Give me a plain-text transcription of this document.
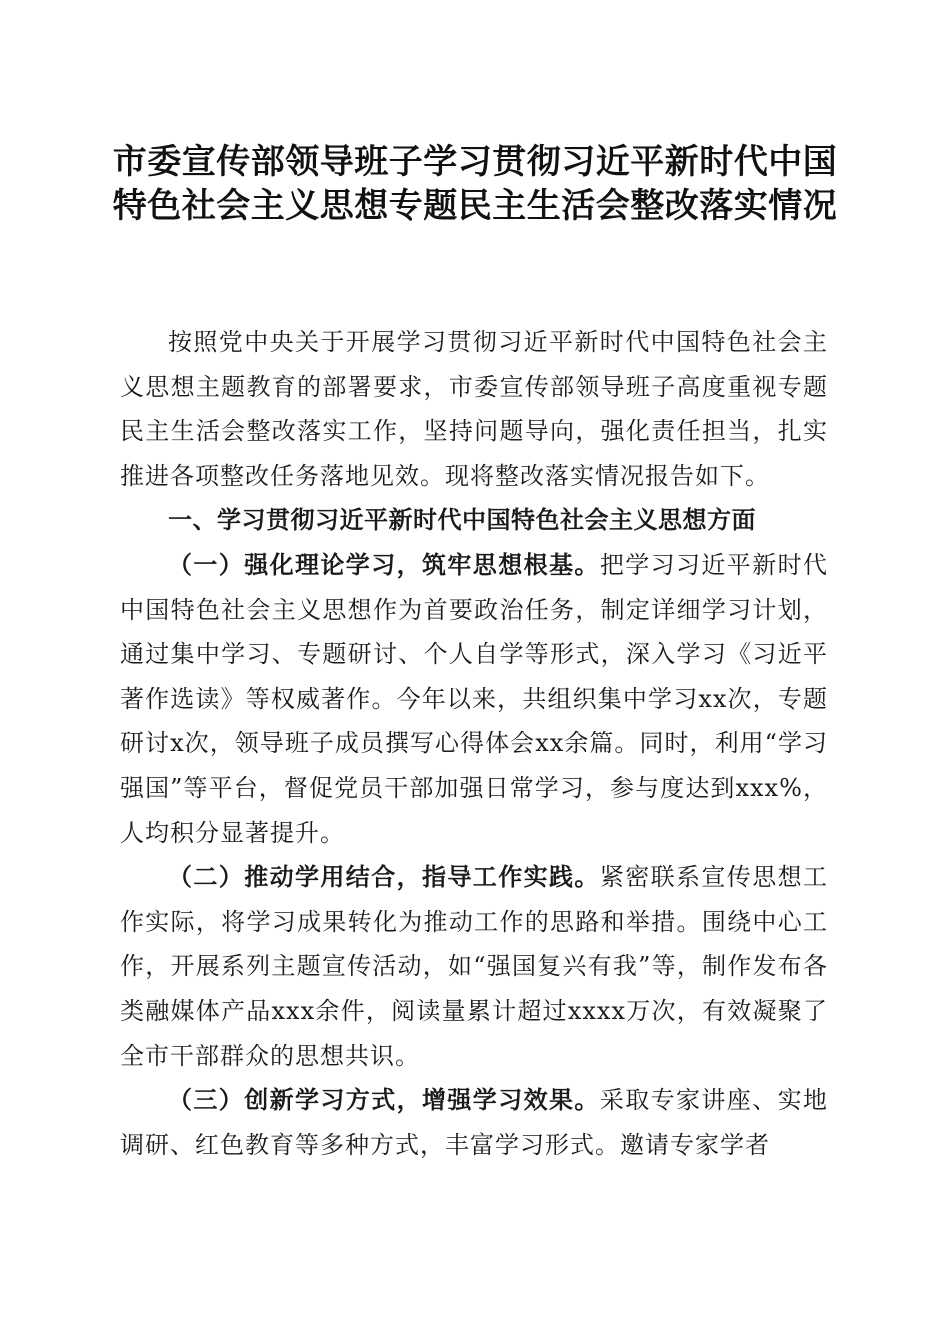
市委宣传部领导班子学习贯彻习近平新时代中国特色社会主义思想专题民主生活会整改落实情况

按照党中央关于开展学习贯彻习近平新时代中国特色社会主义思想主题教育的部署要求，市委宣传部领导班子高度重视专题民主生活会整改落实工作，坚持问题导向，强化责任担当，扎实推进各项整改任务落地见效。现将整改落实情况报告如下。

一、学习贯彻习近平新时代中国特色社会主义思想方面

（一）强化理论学习，筑牢思想根基。把学习习近平新时代中国特色社会主义思想作为首要政治任务，制定详细学习计划，通过集中学习、专题研讨、个人自学等形式，深入学习《习近平著作选读》等权威著作。今年以来，共组织集中学习xx次，专题研讨x次，领导班子成员撰写心得体会xx余篇。同时，利用“学习强国”等平台，督促党员干部加强日常学习，参与度达到xxx%，人均积分显著提升。

（二）推动学用结合，指导工作实践。紧密联系宣传思想工作实际，将学习成果转化为推动工作的思路和举措。围绕中心工作，开展系列主题宣传活动，如“强国复兴有我”等，制作发布各类融媒体产品xxx余件，阅读量累计超过xxxx万次，有效凝聚了全市干部群众的思想共识。

（三）创新学习方式，增强学习效果。采取专家讲座、实地调研、红色教育等多种方式，丰富学习形式。邀请专家学者
